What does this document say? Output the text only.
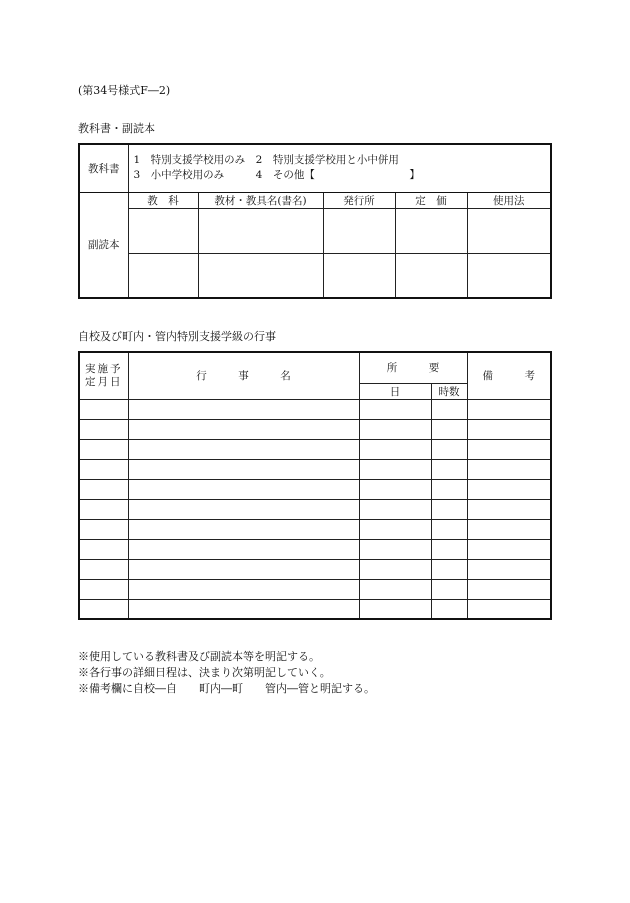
(第34号様式F―2)
教科書・副読本
教科書	1　特別支援学校用のみ　2　特別支援学校用と小中併用
3　小中学校用のみ　　　4　その他【　　　　　　　　　】				

副読本	教　科	教材・教具名(書名)	発行所	定　価	使用法

自校及び町内・管内特別支援学級の行事
実施予
定月日	行　　　事　　　名	所　　　要		備　　　考
		日	時数	

※使用している教科書及び副読本等を明記する。
※各行事の詳細日程は、決まり次第明記していく。
※備考欄に自校―自　　町内―町　　管内―管と明記する。
